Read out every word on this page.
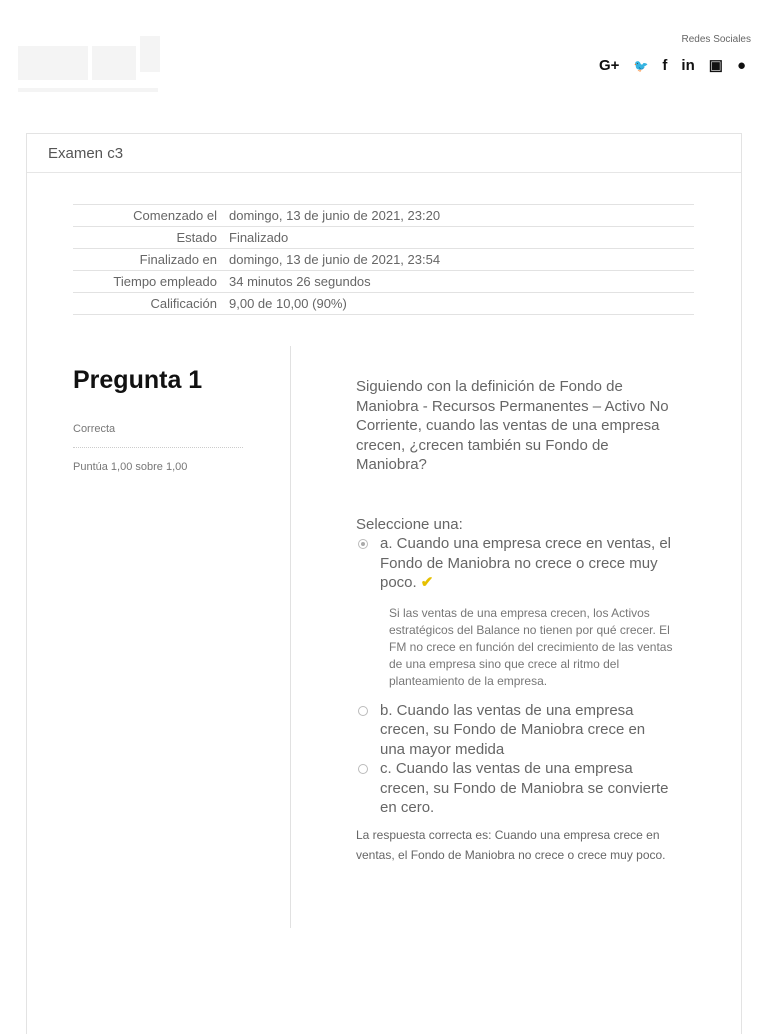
Redes Sociales
G+ 🐦 f in ▣ ●
Examen c3
Comenzado el	domingo, 13 de junio de 2021, 23:20
Estado	Finalizado
Finalizado en	domingo, 13 de junio de 2021, 23:54
Tiempo empleado	34 minutos 26 segundos
Calificación	9,00 de 10,00 (90%)
Pregunta 1
Correcta
Puntúa 1,00 sobre 1,00
Siguiendo con la definición de Fondo de Maniobra - Recursos Permanentes – Activo No Corriente, cuando las ventas de una empresa crecen, ¿crecen también su Fondo de Maniobra?
Seleccione una:
a. Cuando una empresa crece en ventas, el Fondo de Maniobra no crece o crece muy poco. ✔
Si las ventas de una empresa crecen, los Activos estratégicos del Balance no tienen por qué crecer. El FM no crece en función del crecimiento de las ventas de una empresa sino que crece al ritmo del planteamiento de la empresa.
b. Cuando las ventas de una empresa crecen, su Fondo de Maniobra crece en una mayor medida
c. Cuando las ventas de una empresa crecen, su Fondo de Maniobra se convierte en cero.
La respuesta correcta es: Cuando una empresa crece en ventas, el Fondo de Maniobra no crece o crece muy poco.
